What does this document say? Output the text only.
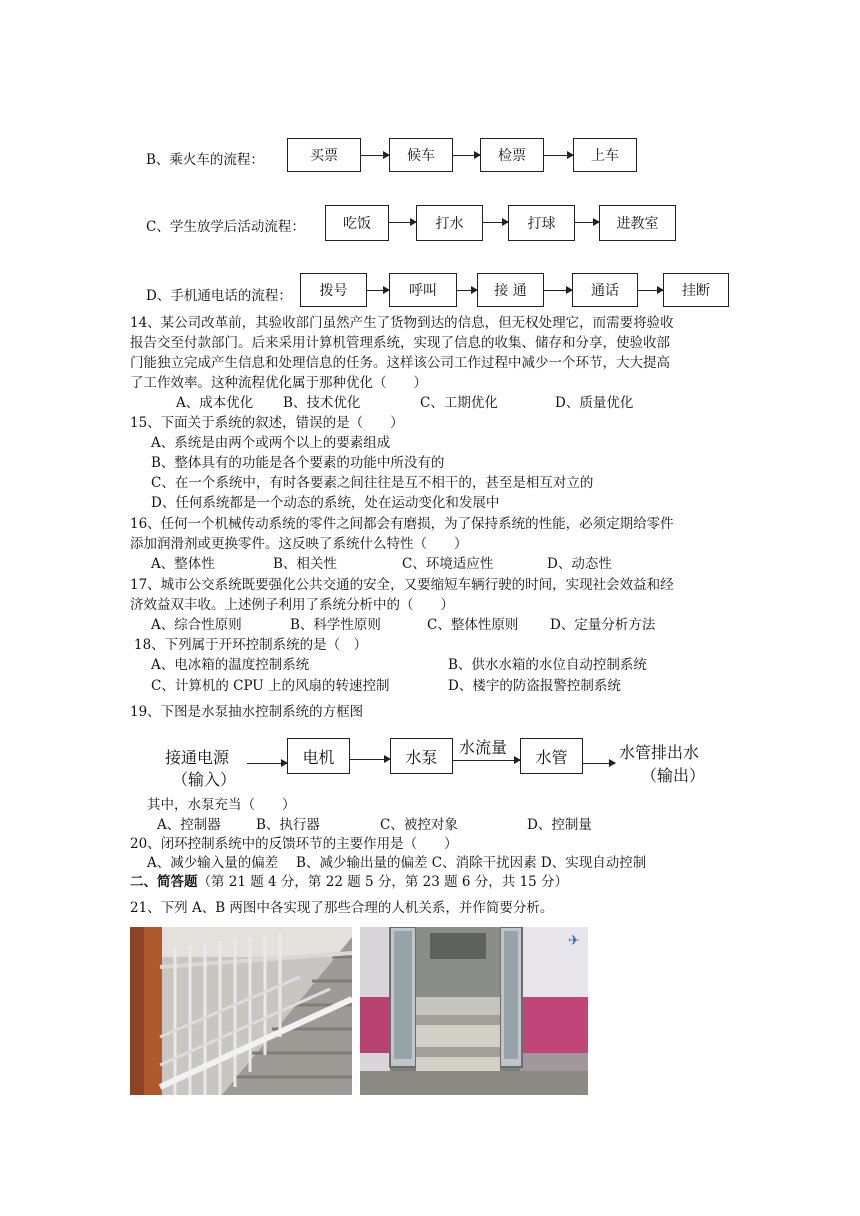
B、乘火车的流程：	买票	候车	检票	上车
C、学生放学后活动流程：	吃饭	打水	打球	进教室
D、手机通电话的流程：	拨号	呼叫	接 通	通话	挂断
14、某公司改革前，其验收部门虽然产生了货物到达的信息，但无权处理它，而需要将验收
报告交至付款部门。后来采用计算机管理系统，实现了信息的收集、储存和分享，使验收部
门能独立完成产生信息和处理信息的任务。这样该公司工作过程中减少一个环节，大大提高
了工作效率。这种流程优化属于那种优化（　　）
A、成本优化 B、技术优化	C、工期优化	D、质量优化
15、下面关于系统的叙述，错误的是（　　）
A、系统是由两个或两个以上的要素组成
B、整体具有的功能是各个要素的功能中所没有的
C、在一个系统中，有时各要素之间往往是互不相干的，甚至是相互对立的
D、任何系统都是一个动态的系统，处在运动变化和发展中
16、任何一个机械传动系统的零件之间都会有磨损，为了保持系统的性能，必须定期给零件
添加润滑剂或更换零件。这反映了系统什么特性（　　）
A、整体性	B、相关性	C、环境适应性	D、动态性
17、城市公交系统既要强化公共交通的安全，又要缩短车辆行驶的时间，实现社会效益和经
济效益双丰收。上述例子利用了系统分析中的（　　）
A、综合性原则	B、科学性原则	C、整体性原则 D、定量分析方法
18、下列属于开环控制系统的是（　）
A、电冰箱的温度控制系统	B、供水水箱的水位自动控制系统
C、计算机的 CPU 上的风扇的转速控制	D、楼宇的防盗报警控制系统
19、下图是水泵抽水控制系统的方框图
接通电源
（输入）
电机	水泵	水流量	水管	水管排出水
（输出）
其中，水泵充当（　　）
A、控制器	B、执行器	C、被控对象	D、控制量
20、闭环控制系统中的反馈环节的主要作用是（　　）
A、减少输入量的偏差　 B、减少输出量的偏差 C、消除干扰因素 D、实现自动控制
二、简答题（第 21 题 4 分，第 22 题 5 分，第 23 题 6 分，共 15 分）
21、下列 A、B 两图中各实现了那些合理的人机关系，并作简要分析。
✈
